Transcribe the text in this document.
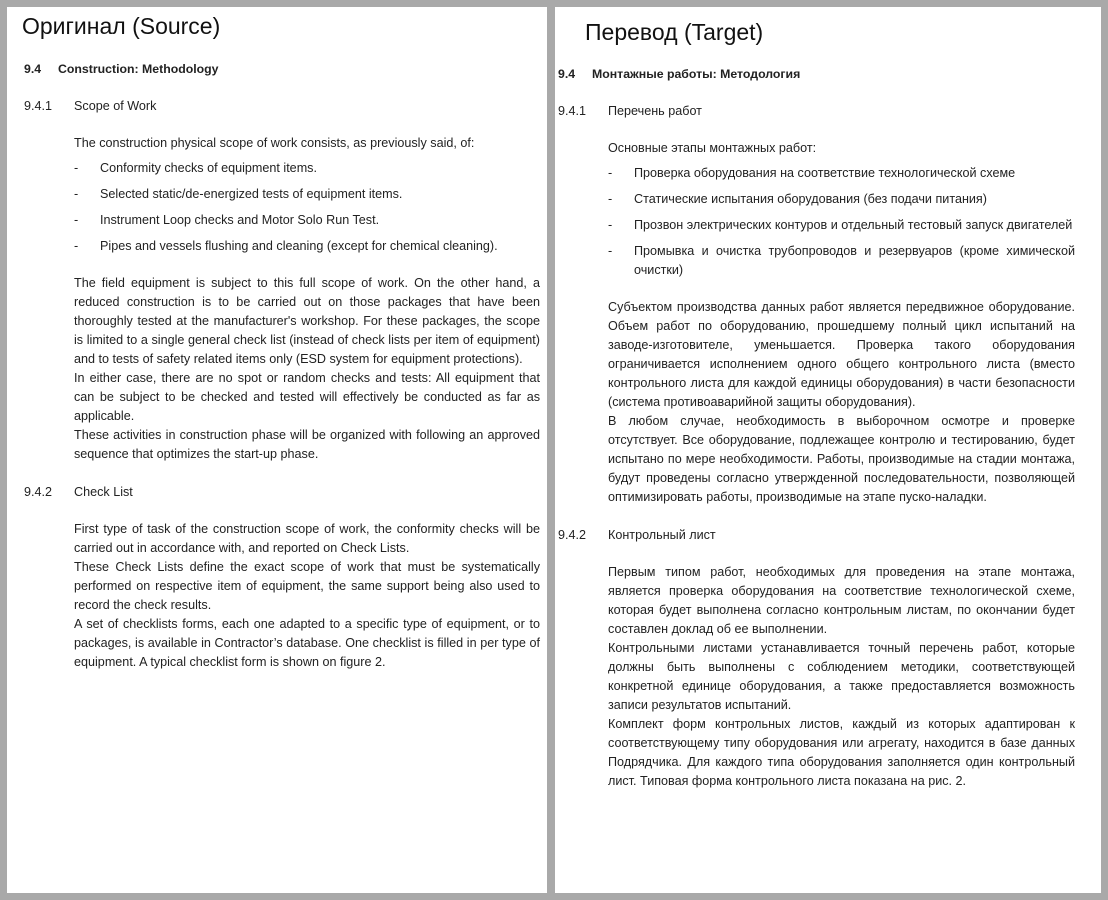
Оригинал (Source)
9.4	Construction: Methodology
9.4.1	Scope of Work

The construction physical scope of work consists, as previously said, of:

-	Conformity checks of equipment items.
-	Selected static/de-energized tests of equipment items.
-	Instrument Loop checks and Motor Solo Run Test.
-	Pipes and vessels flushing and cleaning (except for chemical cleaning).

The field equipment is subject to this full scope of work. On the other hand, a reduced construction is to be carried out on those packages that have been thoroughly tested at the manufacturer's workshop. For these packages, the scope is limited to a single general check list (instead of check lists per item of equipment) and to tests of safety related items only (ESD system for equipment protections).

In either case, there are no spot or random checks and tests: All equipment that can be subject to be checked and tested will effectively be conducted as far as applicable.

These activities in construction phase will be organized with following an approved sequence that optimizes the start-up phase.

9.4.2	Check List

First type of task of the construction scope of work, the conformity checks will be carried out in accordance with, and reported on Check Lists.

These Check Lists define the exact scope of work that must be systematically performed on respective item of equipment, the same support being also used to record the check results.

A set of checklists forms, each one adapted to a specific type of equipment, or to packages, is available in Contractor’s database. One checklist is filled in per type of equipment. A typical checklist form is shown on figure 2.

Перевод (Target)
9.4	Монтажные работы: Методология
9.4.1	Перечень работ

Основные этапы монтажных работ:

-	Проверка оборудования на соответствие технологической схеме
-	Статические испытания оборудования (без подачи питания)
-	Прозвон электрических контуров и отдельный тестовый запуск двигателей
-	Промывка и очистка трубопроводов и резервуаров (кроме химической очистки)

Субъектом производства данных работ является передвижное оборудование. Объем работ по оборудованию, прошедшему полный цикл испытаний на заводе-изготовителе, уменьшается. Проверка такого оборудования ограничивается исполнением одного общего контрольного листа (вместо контрольного листа для каждой единицы оборудования) в части безопасности (система противоаварийной защиты оборудования).

В любом случае, необходимость в выборочном осмотре и проверке отсутствует. Все оборудование, подлежащее контролю и тестированию, будет испытано по мере необходимости. Работы, производимые на стадии монтажа, будут проведены согласно утвержденной последовательности, позволяющей оптимизировать работы, производимые на этапе пуско-наладки.

9.4.2	Контрольный лист

Первым типом работ, необходимых для проведения на этапе монтажа, является проверка оборудования на соответствие технологической схеме, которая будет выполнена согласно контрольным листам, по окончании будет составлен доклад об ее выполнении.

Контрольными листами устанавливается точный перечень работ, которые должны быть выполнены с соблюдением методики, соответствующей конкретной единице оборудования, а также предоставляется возможность записи результатов испытаний.

Комплект форм контрольных листов, каждый из которых адаптирован к соответствующему типу оборудования или агрегату, находится в базе данных Подрядчика. Для каждого типа оборудования заполняется один контрольный лист. Типовая форма контрольного листа показана на рис. 2.
